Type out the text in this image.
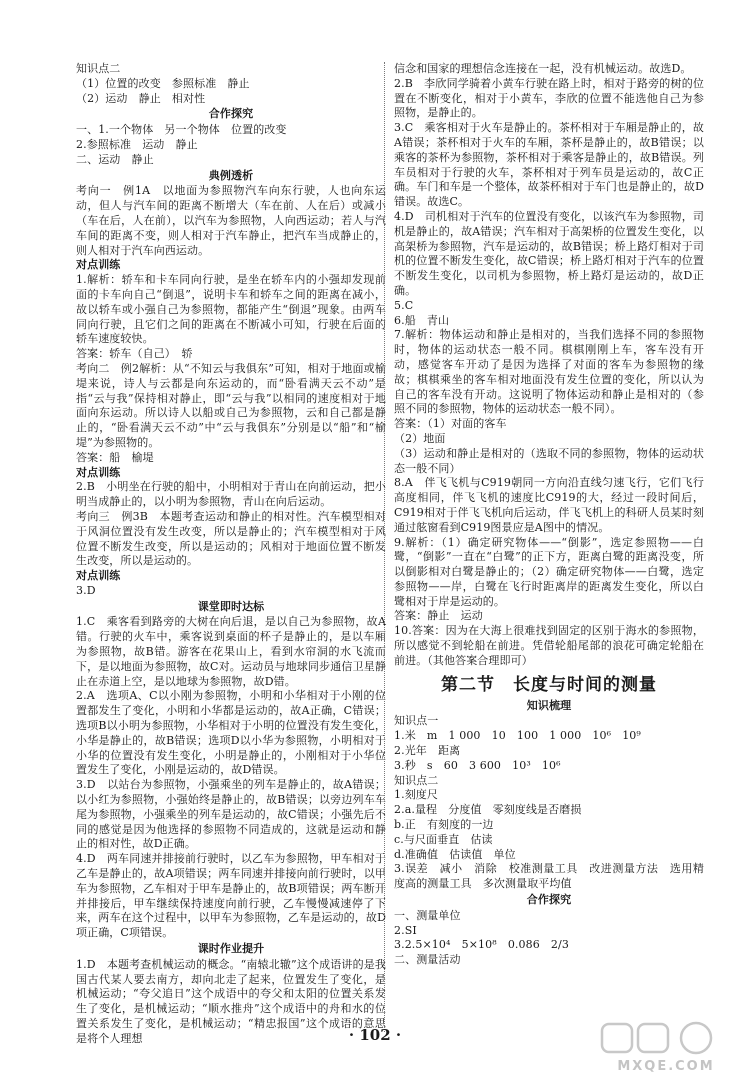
知识点二
（1）位置的改变　参照标准　静止
（2）运动　静止　相对性
合作探究
一、1.一个物体　另一个物体　位置的改变
2.参照标准　运动　静止
二、运动　静止
典例透析
考向一　例1A　以地面为参照物汽车向东行驶，人也向东运动，但人与汽车间的距离不断增大（车在前、人在后）或减小（车在后，人在前），以汽车为参照物，人向西运动；若人与汽车间的距离不变，则人相对于汽车静止，把汽车当成静止的，则人相对于汽车向西运动。
对点训练
1.解析：轿车和卡车同向行驶，是坐在轿车内的小强却发现前面的卡车向自己“倒退”，说明卡车和轿车之间的距离在减小，故以轿车或小强自己为参照物，都能产生“倒退”现象。由两车同向行驶，且它们之间的距离在不断减小可知，行驶在后面的轿车速度较快。
答案：轿车（自己）　轿
考向二　例2解析：从“不知云与我俱东”可知，相对于地面或榆堤来说，诗人与云都是向东运动的，而“卧看满天云不动”是指“云与我”保持相对静止，即“云与我”以相同的速度相对于地面向东运动。所以诗人以船或自己为参照物，云和自己都是静止的，“卧看满天云不动”中“云与我俱东”分别是以“船”和“榆堤”为参照物的。
答案：船　榆堤
对点训练
2.B　小明坐在行驶的船中，小明相对于青山在向前运动，把小明当成静止的，以小明为参照物，青山在向后运动。
考向三　例3B　本题考查运动和静止的相对性。汽车模型相对于风洞位置没有发生改变，所以是静止的；汽车模型相对于风位置不断发生改变，所以是运动的；风相对于地面位置不断发生改变，所以是运动的。
对点训练
3.D
课堂即时达标
1.C　乘客看到路旁的大树在向后退，是以自己为参照物，故A错。行驶的火车中，乘客说到桌面的杯子是静止的，是以车厢为参照物，故B错。游客在花果山上，看到水帘洞的水飞流而下，是以地面为参照物，故C对。运动员与地球同步通信卫星静止在赤道上空，是以地球为参照物，故D错。
2.A　选项A、C以小刚为参照物，小明和小华相对于小刚的位置都发生了变化，小明和小华都是运动的，故A正确，C错误；选项B以小明为参照物，小华相对于小明的位置没有发生变化，小华是静止的，故B错误；选项D以小华为参照物，小明相对于小华的位置没有发生变化，小明是静止的，小刚相对于小华位置发生了变化，小刚是运动的，故D错误。
3.D　以站台为参照物，小强乘坐的列车是静止的，故A错误；以小红为参照物，小强始终是静止的，故B错误；以旁边列车车尾为参照物，小强乘坐的列车是运动的，故C错误；小强先后不同的感觉是因为他选择的参照物不同造成的，这就是运动和静止的相对性，故D正确。
4.D　两车同速并排接前行驶时，以乙车为参照物，甲车相对于乙车是静止的，故A项错误；两车同速并排接向前行驶时，以甲车为参照物，乙车相对于甲车是静止的，故B项错误；两车断开并排接后，甲车继续保持速度向前行驶，乙车慢慢减速停了下来，两车在这个过程中，以甲车为参照物，乙车是运动的，故D项正确，C项错误。
课时作业提升
1.D　本题考查机械运动的概念。“南辕北辙”这个成语讲的是我国古代某人要去南方，却向北走了起来，位置发生了变化，是机械运动；“夸父追日”这个成语中的夸父和太阳的位置关系发生了变化，是机械运动；“顺水推舟”这个成语中的舟和水的位置关系发生了变化，是机械运动；“精忠报国”这个成语的意思是将个人理想
信念和国家的理想信念连接在一起，没有机械运动。故选D。
2.B　李欣同学骑着小黄车行驶在路上时，相对于路旁的树的位置在不断变化，相对于小黄车，李欣的位置不能选他自己为参照物，是静止的。
3.C　乘客相对于火车是静止的。茶杯相对于车厢是静止的，故A错误；茶杯相对于火车的车厢，茶杯是静止的，故B错误；以乘客的茶杯为参照物，茶杯相对于乘客是静止的，故B错误。列车员相对于行驶的火车，茶杯相对于列车员是运动的，故C正确。车门和车是一个整体，故茶杯相对于车门也是静止的，故D错误。故选C。
4.D　司机相对于汽车的位置没有变化，以该汽车为参照物，司机是静止的，故A错误；汽车相对于高架桥的位置发生变化，以高架桥为参照物，汽车是运动的，故B错误；桥上路灯相对于司机的位置不断发生变化，故C错误；桥上路灯相对于汽车的位置不断发生变化，以司机为参照物，桥上路灯是运动的，故D正确。
5.C
6.船　青山
7.解析：物体运动和静止是相对的，当我们选择不同的参照物时，物体的运动状态一般不同。棋棋刚刚上车，客车没有开动，感觉客车开动了是因为选择了对面的客车为参照物的缘故；棋棋乘坐的客车相对地面没有发生位置的变化，所以认为自己的客车没有开动。这说明了物体运动和静止是相对的（参照不同的参照物，物体的运动状态一般不同）。
答案：（1）对面的客车
（2）地面
（3）运动和静止是相对的（选取不同的参照物，物体的运动状态一般不同）
8.A　伴飞飞机与C919朝同一方向沿直线匀速飞行，它们飞行高度相同，伴飞飞机的速度比C919的大，经过一段时间后，C919相对于伴飞飞机向后运动，伴飞飞机上的科研人员某时刻通过舷窗看到C919图景应是A图中的情况。
9.解析：（1）确定研究物体——“倒影”，选定参照物——白鹭，“倒影”一直在“白鹭”的正下方，距离白鹭的距离没变，所以倒影相对白鹭是静止的；（2）确定研究物体——白鹭，选定参照物——岸，白鹭在飞行时距离岸的距离发生变化，所以白鹭相对于岸是运动的。
答案：静止　运动
10.答案：因为在大海上很难找到固定的区别于海水的参照物，所以感觉不到轮船在前进。凭借轮船尾部的浪花可确定轮船在前进。（其他答案合理即可）
第二节　长度与时间的测量
知识梳理
知识点一
1.米　m　1 000　10　100　1 000　10⁶　10⁹
2.光年　距离
3.秒　s　60　3 600　10³　10⁶
知识点二
1.刻度尺
2.a.量程　分度值　零刻度线是否磨损
b.正　有刻度的一边
c.与尺面垂直　估读
d.准确值　估读值　单位
3.误差　减小　消除　校准测量工具　改进测量方法　选用精度高的测量工具　多次测量取平均值
合作探究
一、测量单位
2.SI
3.2.5×10⁴　5×10⁸　0.086　2/3
二、测量活动
· 102 ·
MXQE.COM
